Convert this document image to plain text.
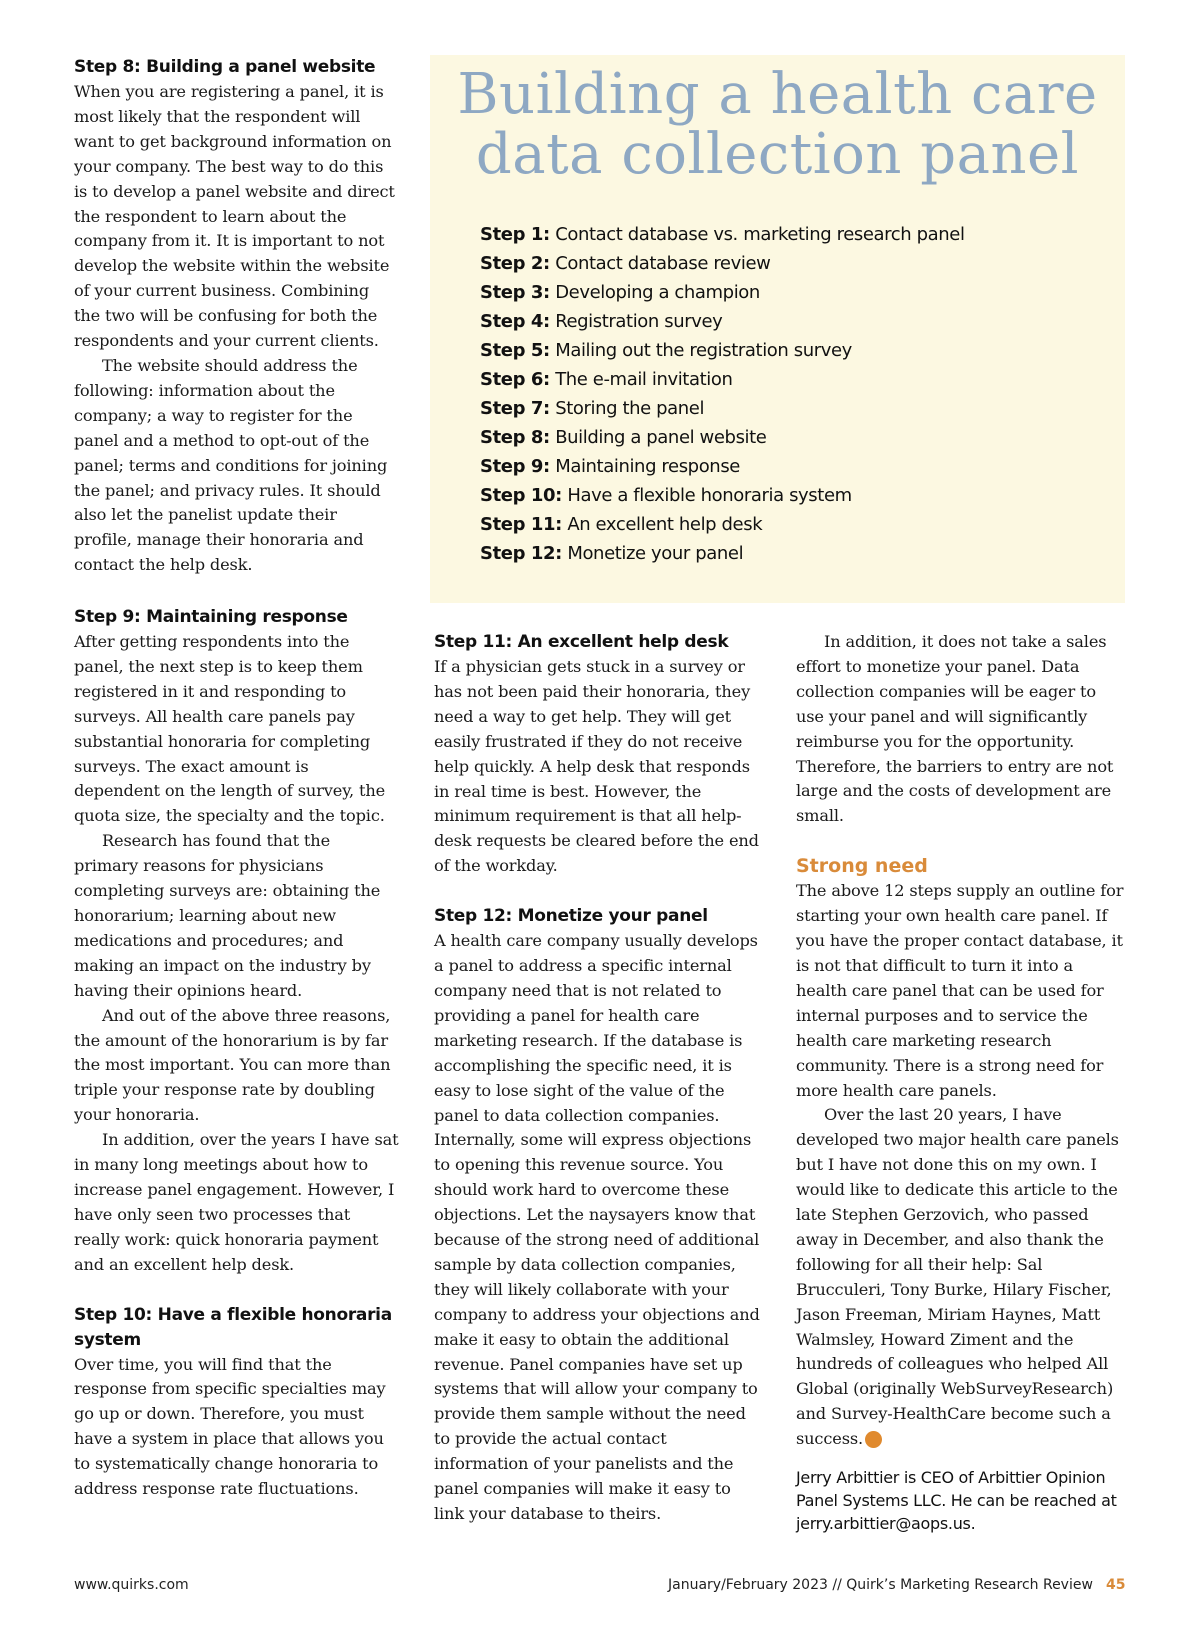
Step 8: Building a panel website

When you are registering a panel, it is most likely that the respondent will want to get background information on your company. The best way to do this is to develop a panel website and direct the respondent to learn about the company from it. It is important to not develop the website within the website of your current business. Combining the two will be confusing for both the respondents and your current clients.

The website should address the following: information about the company; a way to register for the panel and a method to opt-out of the panel; terms and conditions for joining the panel; and privacy rules. It should also let the panelist update their profile, manage their honoraria and contact the help desk.

Step 9: Maintaining response

After getting respondents into the panel, the next step is to keep them registered in it and responding to surveys. All health care panels pay substantial honoraria for completing surveys. The exact amount is dependent on the length of survey, the quota size, the specialty and the topic.

Research has found that the primary reasons for physicians completing surveys are: obtaining the honorarium; learning about new medications and procedures; and making an impact on the industry by having their opinions heard.

And out of the above three reasons, the amount of the honorarium is by far the most important. You can more than triple your response rate by doubling your honoraria.

In addition, over the years I have sat in many long meetings about how to increase panel engagement. However, I have only seen two processes that really work: quick honoraria payment and an excellent help desk.

Step 10: Have a flexible honoraria system

Over time, you will find that the response from specific specialties may go up or down. Therefore, you must have a system in place that allows you to systematically change honoraria to address response rate fluctuations.

Building a health care data collection panel
Step 1: Contact database vs. marketing research panel
Step 2: Contact database review
Step 3: Developing a champion
Step 4: Registration survey
Step 5: Mailing out the registration survey
Step 6: The e-mail invitation
Step 7: Storing the panel
Step 8: Building a panel website
Step 9: Maintaining response
Step 10: Have a flexible honoraria system
Step 11: An excellent help desk
Step 12: Monetize your panel
Step 11: An excellent help desk

If a physician gets stuck in a survey or has not been paid their honoraria, they need a way to get help. They will get easily frustrated if they do not receive help quickly. A help desk that responds in real time is best. However, the minimum requirement is that all help-desk requests be cleared before the end of the workday.

Step 12: Monetize your panel

A health care company usually develops a panel to address a specific internal company need that is not related to providing a panel for health care marketing research. If the database is accomplishing the specific need, it is easy to lose sight of the value of the panel to data collection companies. Internally, some will express objections to opening this revenue source. You should work hard to overcome these objections. Let the naysayers know that because of the strong need of additional sample by data collection companies, they will likely collaborate with your company to address your objections and make it easy to obtain the additional revenue. Panel companies have set up systems that will allow your company to provide them sample without the need to provide the actual contact information of your panelists and the panel companies will make it easy to link your database to theirs.

In addition, it does not take a sales effort to monetize your panel. Data collection companies will be eager to use your panel and will significantly reimburse you for the opportunity. Therefore, the barriers to entry are not large and the costs of development are small.

Strong need

The above 12 steps supply an outline for starting your own health care panel. If you have the proper contact database, it is not that difficult to turn it into a health care panel that can be used for internal purposes and to service the health care marketing research community. There is a strong need for more health care panels.

Over the last 20 years, I have developed two major health care panels but I have not done this on my own. I would like to dedicate this article to the late Stephen Gerzovich, who passed away in December, and also thank the following for all their help: Sal Brucculeri, Tony Burke, Hilary Fischer, Jason Freeman, Miriam Haynes, Matt Walmsley, Howard Ziment and the hundreds of colleagues who helped All Global (originally WebSurveyResearch) and Survey-HealthCare become such a success.	Q

Jerry Arbittier is CEO of Arbittier Opinion Panel Systems LLC. He can be reached at jerry.arbittier@aops.us.

www.quirks.com	January/February 2023 // Quirk’s Marketing Research Review 45
